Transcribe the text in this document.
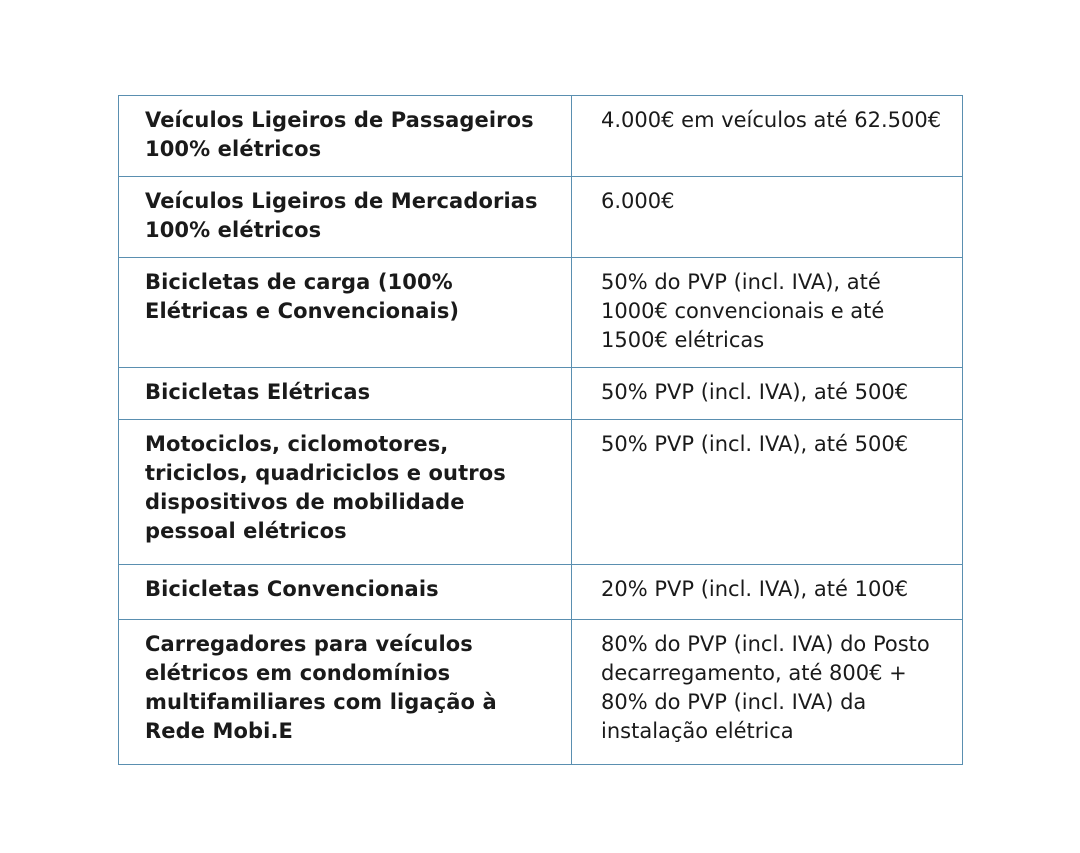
Veículos Ligeiros de Passageiros 100% elétricos	4.000€ em veículos até 62.500€
Veículos Ligeiros de Mercadorias 100% elétricos	6.000€
Bicicletas de carga (100% Elétricas e Convencionais)	50% do PVP (incl. IVA), até 1000€ convencionais e até 1500€ elétricas
Bicicletas Elétricas	50% PVP (incl. IVA), até 500€
Motociclos, ciclomotores, triciclos, quadriciclos e outros dispositivos de mobilidade pessoal elétricos	50% PVP (incl. IVA), até 500€
Bicicletas Convencionais	20% PVP (incl. IVA), até 100€
Carregadores para veículos elétricos em condomínios multifamiliares com ligação à Rede Mobi.E	80% do PVP (incl. IVA) do Posto decarregamento, até 800€ + 80% do PVP (incl. IVA) da instalação elétrica
